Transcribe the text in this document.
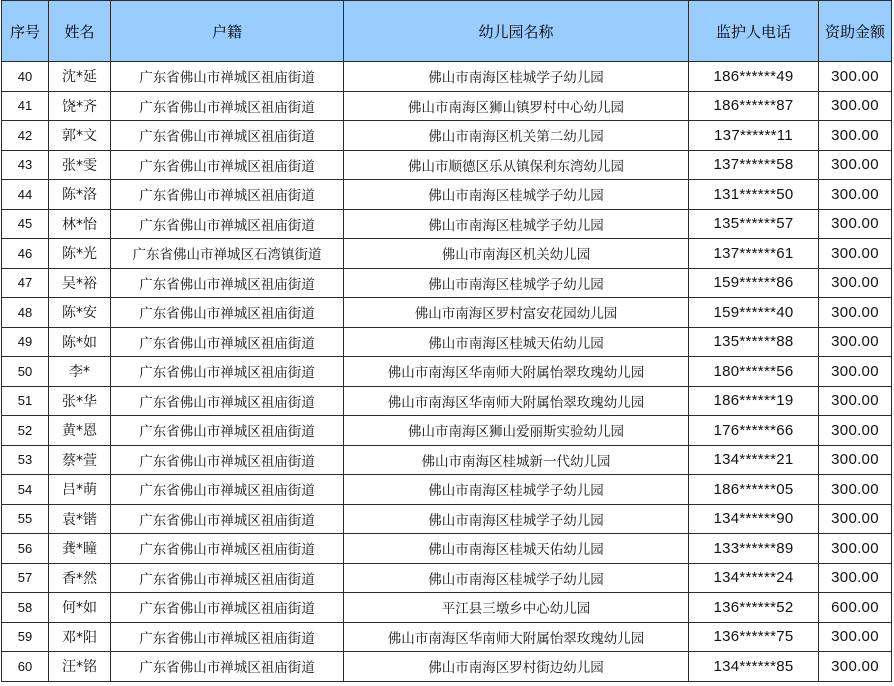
序号	姓名	户籍	幼儿园名称	监护人电话	资助金额
40	沈*延	广东省佛山市禅城区祖庙街道	佛山市南海区桂城学子幼儿园	186******49	300.00
41	饶*齐	广东省佛山市禅城区祖庙街道	佛山市南海区狮山镇罗村中心幼儿园	186******87	300.00
42	郭*文	广东省佛山市禅城区祖庙街道	佛山市南海区机关第二幼儿园	137******11	300.00
43	张*雯	广东省佛山市禅城区祖庙街道	佛山市顺德区乐从镇保利东湾幼儿园	137******58	300.00
44	陈*洛	广东省佛山市禅城区祖庙街道	佛山市南海区桂城学子幼儿园	131******50	300.00
45	林*怡	广东省佛山市禅城区祖庙街道	佛山市南海区桂城学子幼儿园	135******57	300.00
46	陈*光	广东省佛山市禅城区石湾镇街道	佛山市南海区机关幼儿园	137******61	300.00
47	吴*裕	广东省佛山市禅城区祖庙街道	佛山市南海区桂城学子幼儿园	159******86	300.00
48	陈*安	广东省佛山市禅城区祖庙街道	佛山市南海区罗村富安花园幼儿园	159******40	300.00
49	陈*如	广东省佛山市禅城区祖庙街道	佛山市南海区桂城天佑幼儿园	135******88	300.00
50	李*	广东省佛山市禅城区祖庙街道	佛山市南海区华南师大附属怡翠玫瑰幼儿园	180******56	300.00
51	张*华	广东省佛山市禅城区祖庙街道	佛山市南海区华南师大附属怡翠玫瑰幼儿园	186******19	300.00
52	黄*恩	广东省佛山市禅城区祖庙街道	佛山市南海区狮山爱丽斯实验幼儿园	176******66	300.00
53	蔡*萱	广东省佛山市禅城区祖庙街道	佛山市南海区桂城新一代幼儿园	134******21	300.00
54	吕*萌	广东省佛山市禅城区祖庙街道	佛山市南海区桂城学子幼儿园	186******05	300.00
55	袁*锴	广东省佛山市禅城区祖庙街道	佛山市南海区桂城学子幼儿园	134******90	300.00
56	龚*瞳	广东省佛山市禅城区祖庙街道	佛山市南海区桂城天佑幼儿园	133******89	300.00
57	香*然	广东省佛山市禅城区祖庙街道	佛山市南海区桂城学子幼儿园	134******24	300.00
58	何*如	广东省佛山市禅城区祖庙街道	平江县三墩乡中心幼儿园	136******52	600.00
59	邓*阳	广东省佛山市禅城区祖庙街道	佛山市南海区华南师大附属怡翠玫瑰幼儿园	136******75	300.00
60	汪*铭	广东省佛山市禅城区祖庙街道	佛山市南海区罗村街边幼儿园	134******85	300.00
